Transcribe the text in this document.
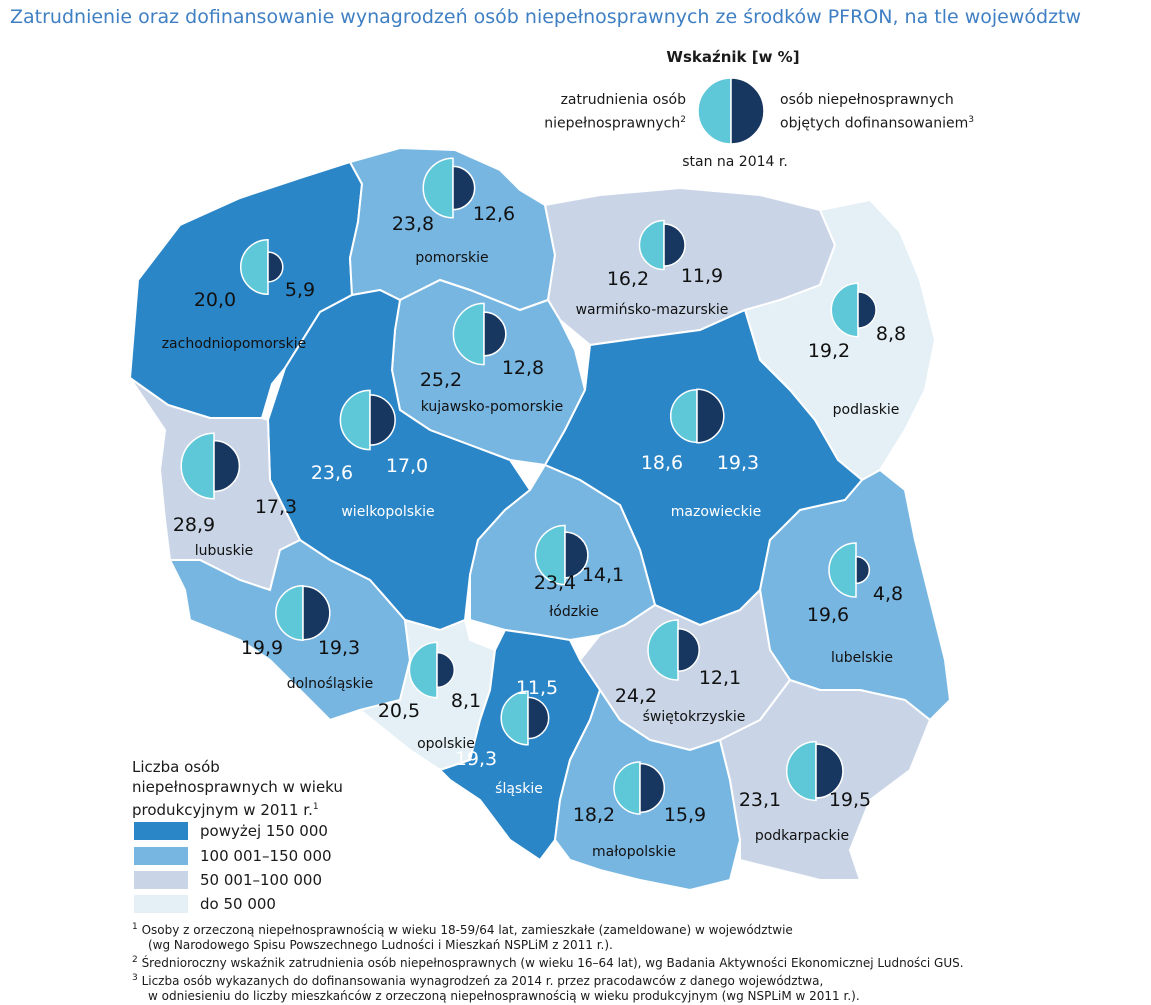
Zatrudnienie oraz dofinansowanie wynagrodzeń osób niepełnosprawnych ze środków PFRON, na tle województw
zachodniopomorskie
pomorskie
warmińsko-mazurskie
podlaskie
kujawsko-pomorskie
wielkopolskie	mazowieckie
lubuskie
łódzkie
lubelskie
dolnośląskie
opolskie
śląskie
świętokrzyskie
małopolskie
podkarpackie
20,0	5,9
23,8 12,6
16,2 11,9
19,2
8,8
25,2
12,8
23,6 17,0	18,6 19,3
28,9
17,3
23,4 14,1
19,6
4,8
19,9 19,3
20,5 8,1
19,3
11,5	24,2
12,1
18,2	15,9
23,1	19,5
Wskaźnik [w %]
zatrudnienia osób
niepełnosprawnych$^2$
osób niepełnosprawnych
objętych dofinansowaniem$^3$
stan na 2014 r.
Liczba osób
niepełnosprawnych w wieku
produkcyjnym w 2011 r.$^1$
powyżej 150 000
100 001–150 000
50 001–100 000
do 50 000
$^1$ Osoby z orzeczoną niepełnosprawnością w wieku 18-59/64 lat, zamieszkałe (zameldowane) w województwie
(wg Narodowego Spisu Powszechnego Ludności i Mieszkań NSPLiM z 2011 r.).
$^2$ Średnioroczny wskaźnik zatrudnienia osób niepełnosprawnych (w wieku 16–64 lat), wg Badania Aktywności Ekonomicznej Ludności GUS.
$^3$ Liczba osób wykazanych do dofinansowania wynagrodzeń za 2014 r. przez pracodawców z danego województwa,
w odniesieniu do liczby mieszkańców z orzeczoną niepełnosprawnością w wieku produkcyjnym (wg NSPLiM w 2011 r.).
